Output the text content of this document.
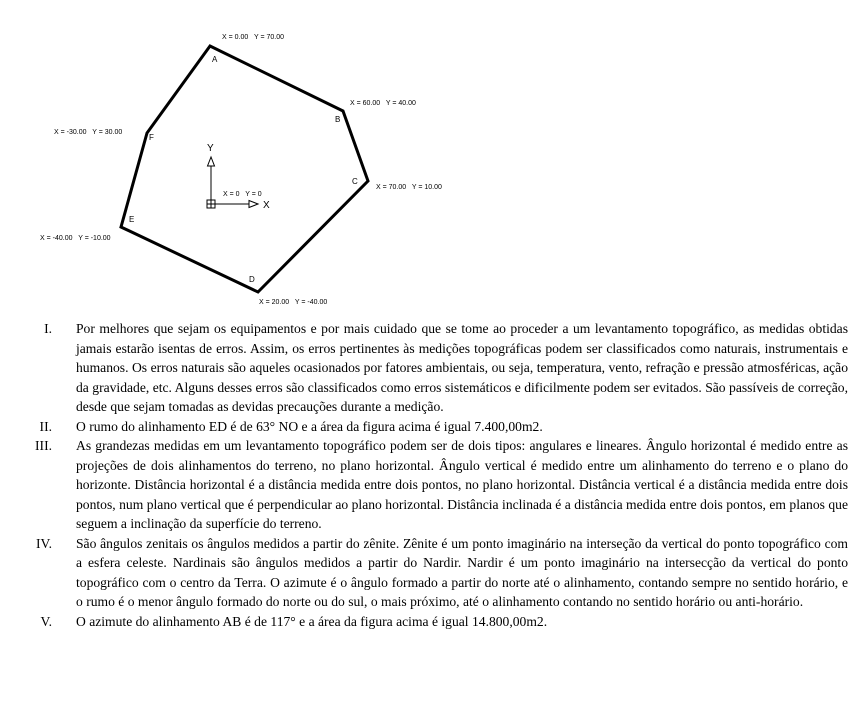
A
B
C
D
E
F
X = 0.00   Y = 70.00
X = 60.00   Y = 40.00
X = 70.00   Y = 10.00
X = 20.00   Y = -40.00
X = -40.00   Y = -10.00
X = -30.00   Y = 30.00
Y
X
X = 0   Y = 0
I.	Por melhores que sejam os equipamentos e por mais cuidado que se tome ao proceder a um levantamento topográfico, as medidas obtidas jamais estarão isentas de erros. Assim, os erros pertinentes às medições topográficas podem ser classificados como naturais, instrumentais e humanos. Os erros naturais são aqueles ocasionados por fatores ambientais, ou seja, temperatura, vento, refração e pressão atmosféricas, ação da gravidade, etc. Alguns desses erros são classificados como erros sistemáticos e dificilmente podem ser evitados. São passíveis de correção, desde que sejam tomadas as devidas precauções durante a medição.
II.	O rumo do alinhamento ED é de 63° NO e a área da figura acima é igual 7.400,00m2.
III.	As grandezas medidas em um levantamento topográfico podem ser de dois tipos: angulares e lineares. Ângulo horizontal é medido entre as projeções de dois alinhamentos do terreno, no plano horizontal. Ângulo vertical é medido entre um alinhamento do terreno e o plano do horizonte. Distância horizontal é a distância medida entre dois pontos, no plano horizontal. Distância vertical é a distância medida entre dois pontos, num plano vertical que é perpendicular ao plano horizontal. Distância inclinada é a distância medida entre dois pontos, em planos que seguem a inclinação da superfície do terreno.
IV.	São ângulos zenitais os ângulos medidos a partir do zênite. Zênite é um ponto imaginário na interseção da vertical do ponto topográfico com a esfera celeste. Nardinais são ângulos medidos a partir do Nardir. Nardir é um ponto imaginário na intersecção da vertical do ponto topográfico com o centro da Terra. O azimute é o ângulo formado a partir do norte até o alinhamento, contando sempre no sentido horário, e o rumo é o menor ângulo formado do norte ou do sul, o mais próximo, até o alinhamento contando no sentido horário ou anti-horário.
V.	O azimute do alinhamento AB é de 117° e a área da figura acima é igual 14.800,00m2.
